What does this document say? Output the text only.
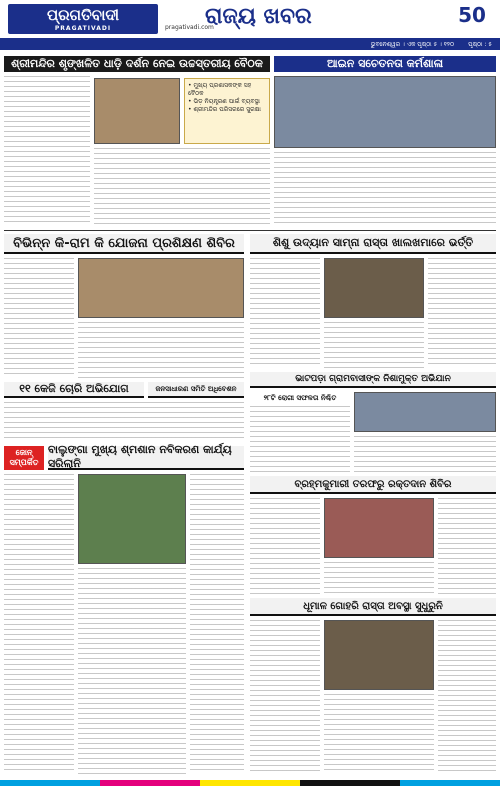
ପ୍ରଗତିବାଦୀ
PRAGATIVADI	pragativadi.com
ରାଜ୍ୟ ଖବର	50
ଭୁବନେଶ୍ୱର । ଏକ ପୃଷ୍ଠା ୫ । ୧୨୦ ପୃଷ୍ଠା : ୫
ଶ୍ରୀମନ୍ଦିର ଶୃଙ୍ଖଳିତ ଧାଡ଼ି ଦର୍ଶନ ନେଇ ଉଚ୍ଚସ୍ତରୀୟ ବୈଠକ	ଆଇନ ସଚେତନତା କର୍ମଶାଳା
• ମୁଖ୍ୟ ପ୍ରଶାସକଙ୍କ ସହ ବୈଠକ
• ଭିଡ଼ ନିୟନ୍ତ୍ରଣ ପାଇଁ ବ୍ୟବସ୍ଥା
• ଶ୍ରୀମନ୍ଦିର ପରିସରରେ ସୁରକ୍ଷା
ବିଭିନ୍ନ କି-ରାମ କି ଯୋଜନା ପ୍ରଶିକ୍ଷଣ ଶିବିର	ଶିଶୁ ଉଦ୍ୟାନ ସାମ୍ନା ରାସ୍ତା ଖାଲଖମାରେ ଭର୍ତ୍ତି
୧୧ କେଜି ଚୋରି ଅଭିଯୋଗ	ଜନସାଧାରଣ ସମିତି ଅଧିବେଶନ
ଭାଟପଡ଼ା ଗ୍ରାମବାସୀଙ୍କ ନିଶାମୁକ୍ତ ଅଭିଯାନ
୨୮ଟି ରୋଗୀ ସଫଳତା ନିଶ୍ଚିତ
ଜୋନ୍ ସମ୍ପର୍କିତ
ବାଲୁଙ୍ଗା ମୁଖ୍ୟ ଶ୍ମଶାନ ନବିକରଣ କାର୍ଯ୍ୟ ସରିଲାନି
ବ୍ରହ୍ମକୁମାରୀ ତରଫରୁ ରକ୍ତଦାନ ଶିବିର
ଧୂମାଳ ଗୋହରି ରାସ୍ତା ଅବସ୍ଥା ସୁଧୁରୁନି
